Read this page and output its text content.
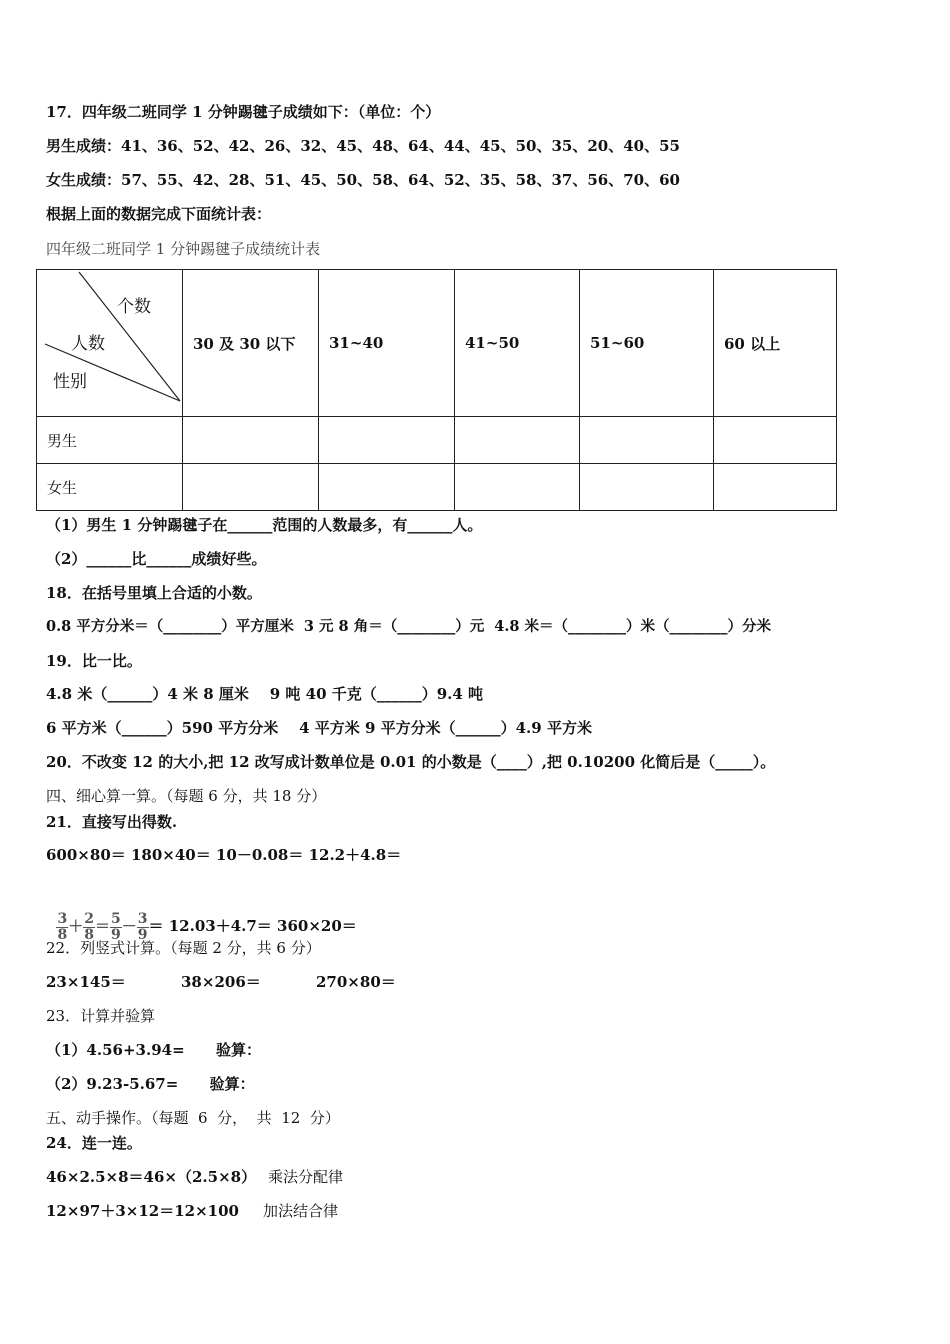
17．四年级二班同学 1 分钟踢毽子成绩如下：（单位：个）
男生成绩：41、36、52、42、26、32、45、48、64、44、45、50、35、20、40、55
女生成绩：57、55、42、28、51、45、50、58、64、52、35、58、37、56、70、60
根据上面的数据完成下面统计表：
四年级二班同学 1 分钟踢毽子成绩统计表
个数
人数
性别	30 及 30 以下	31~40	41~50	51~60	60 以上
男生					
女生					
（1）男生 1 分钟踢毽子在______范围的人数最多，有______人。
（2）______比______成绩好些。
18．在括号里填上合适的小数。
0.8 平方分米＝（________）平方厘米  3 元 8 角＝（________）元  4.8 米＝（________）米（________）分米
19．比一比。
4.8 米（______）4 米 8 厘米    9 吨 40 千克（______）9.4 吨
6 平方米（______）590 平方分米    4 平方米 9 平方分米（______）4.9 平方米
20．不改变 12 的大小,把 12 改写成计数单位是 0.01 的小数是（____）,把 0.10200 化简后是（_____）。
四、细心算一算。（每题 6 分，共 18 分）
21．直接写出得数.
600×80＝ 180×40＝ 10－0.08＝ 12.2＋4.8＝

$\frac{3}{8} + \frac{2}{8} = \frac{5}{9} - \frac{3}{9} = 12.03+4.7= 360\times 20=$

22．列竖式计算。（每题 2 分，共 6 分）
23×145＝	38×206＝	270×80＝
23．计算并验算
（1）4.56+3.94=      验算：
（2）9.23-5.67=      验算：
五、动手操作。（每题  6  分，  共  12  分）
24．连一连。
46×2.5×8＝46×（2.5×8） 乘法分配律
12×97＋3×12＝12×100 加法结合律
